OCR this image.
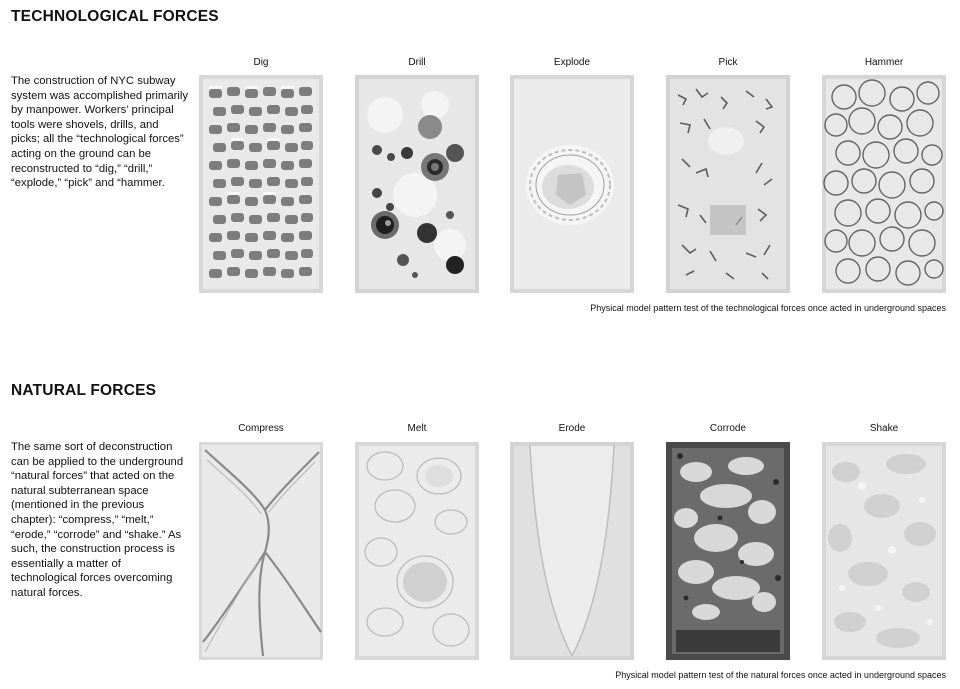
TECHNOLOGICAL FORCES

The construction of NYC subway system was accomplished primarily by manpower. Workers’ principal tools were shovels, drills, and picks; all the “technological forces” acting on the ground can be reconstructed to “dig,” “drill,” “explode,” “pick” and “hammer.

Dig	Drill	Explode	Pick	Hammer
Physical model pattern test of the technological forces once acted in underground spaces
NATURAL FORCES

The same sort of deconstruction can be applied to the underground “natural forces” that acted on the natural subterranean space (mentioned in the previous chapter): “compress,” “melt,” “erode,” “corrode” and “shake.” As such, the construction process is essentially a matter of technological forces overcoming natural forces.

Compress	Melt	Erode	Corrode	Shake
Physical model pattern test of the natural forces once acted in underground spaces
